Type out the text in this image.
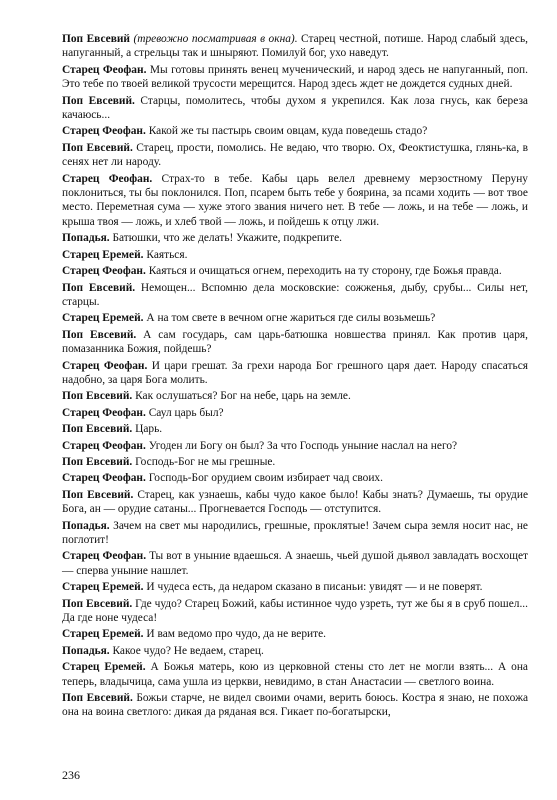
Поп Евсевий (тревожно посматривая в окна). Старец честной, потише. Народ слабый здесь, напуганный, а стрельцы так и шныряют. Помилуй бог, ухо наведут.

Старец Феофан. Мы готовы принять венец мученический, и народ здесь не напуганный, поп. Это тебе по твоей великой трусости мерещится. Народ здесь ждет не дождется судных дней.

Поп Евсевий. Старцы, помолитесь, чтобы духом я укрепился. Как лоза гнусь, как береза качаюсь...

Старец Феофан. Какой же ты пастырь своим овцам, куда поведешь стадо?

Поп Евсевий. Старец, прости, помолись. Не ведаю, что творю. Ох, Феоктистушка, глянь-ка, в сенях нет ли народу.

Старец Феофан. Страх-то в тебе. Кабы царь велел древнему мерзостному Перуну поклониться, ты бы поклонился. Поп, псарем быть тебе у боярина, за псами ходить — вот твое место. Переметная сума — хуже этого звания ничего нет. В тебе — ложь, и на тебе — ложь, и крыша твоя — ложь, и хлеб твой — ложь, и пойдешь к отцу лжи.

Попадья. Батюшки, что же делать! Укажите, подкрепите.

Старец Еремей. Каяться.

Старец Феофан. Каяться и очищаться огнем, переходить на ту сторону, где Божья правда.

Поп Евсевий. Немощен... Вспомню дела московские: сожженья, дыбу, срубы... Силы нет, старцы.

Старец Еремей. А на том свете в вечном огне жариться где силы возьмешь?

Поп Евсевий. А сам государь, сам царь-батюшка новшества принял. Как против царя, помазанника Божия, пойдешь?

Старец Феофан. И цари грешат. За грехи народа Бог грешного царя дает. Народу спасаться надобно, за царя Бога молить.

Поп Евсевий. Как ослушаться? Бог на небе, царь на земле.

Старец Феофан. Саул царь был?

Поп Евсевий. Царь.

Старец Феофан. Угоден ли Богу он был? За что Господь уныние наслал на него?

Поп Евсевий. Господь-Бог не мы грешные.

Старец Феофан. Господь-Бог орудием своим избирает чад своих.

Поп Евсевий. Старец, как узнаешь, кабы чудо какое было! Кабы знать? Думаешь, ты орудие Бога, ан — орудие сатаны... Прогневается Господь — отступится.

Попадья. Зачем на свет мы народились, грешные, проклятые! Зачем сыра земля носит нас, не поглотит!

Старец Феофан. Ты вот в уныние вдаешься. А знаешь, чьей душой дьявол завладать восхощет — сперва уныние нашлет.

Старец Еремей. И чудеса есть, да недаром сказано в писаньи: увидят — и не поверят.

Поп Евсевий. Где чудо? Старец Божий, кабы истинное чудо узреть, тут же бы я в сруб пошел... Да где ноне чудеса!

Старец Еремей. И вам ведомо про чудо, да не верите.

Попадья. Какое чудо? Не ведаем, старец.

Старец Еремей. А Божья матерь, кою из церковной стены сто лет не могли взять... А она теперь, владычица, сама ушла из церкви, невидимо, в стан Анастасии — светлого воина.

Поп Евсевий. Божьи старче, не видел своими очами, верить боюсь. Костра я знаю, не похожа она на воина светлого: дикая да ряданая вся. Гикает по-богатырски,

236
